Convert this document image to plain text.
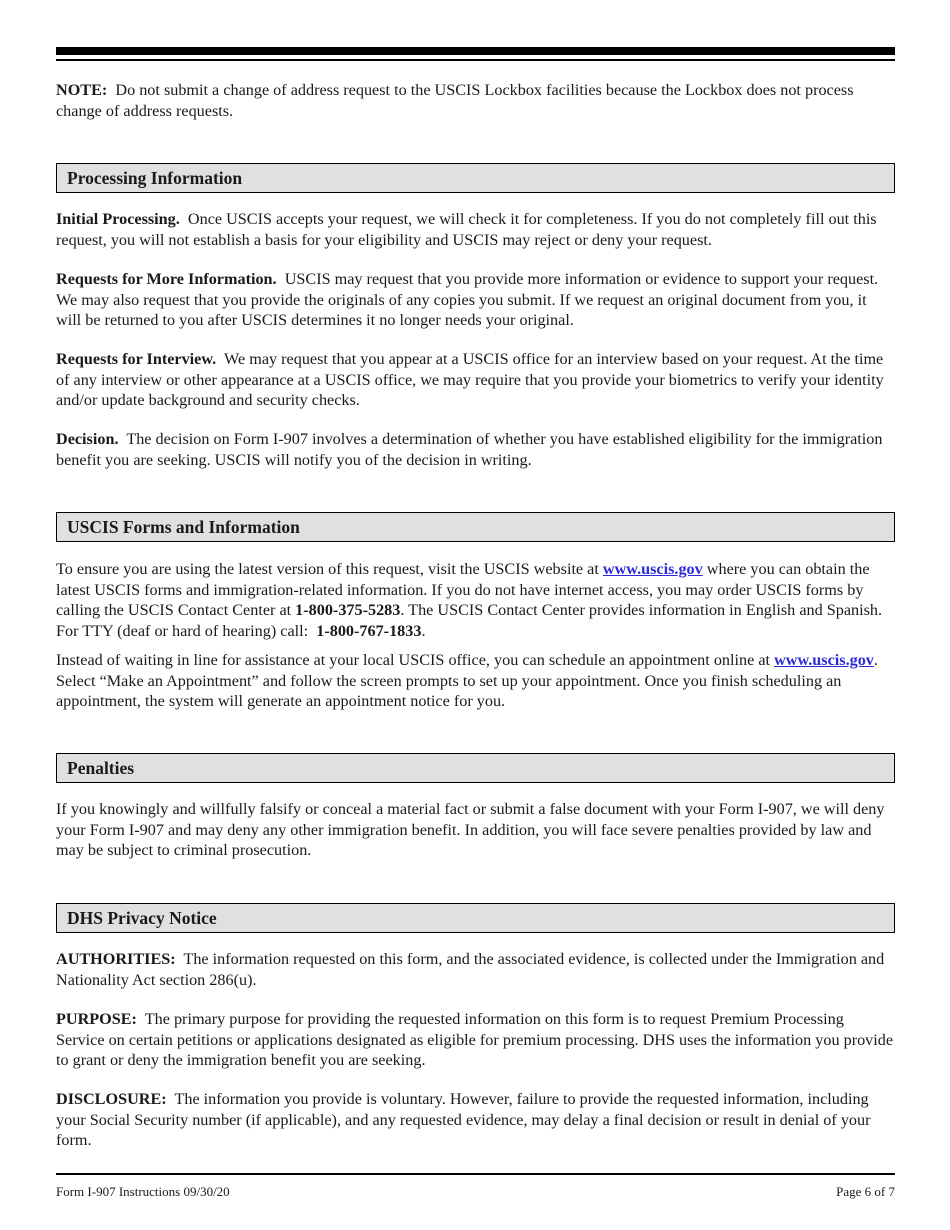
NOTE: Do not submit a change of address request to the USCIS Lockbox facilities because the Lockbox does not process change of address requests.

Processing Information

Initial Processing. Once USCIS accepts your request, we will check it for completeness. If you do not completely fill out this request, you will not establish a basis for your eligibility and USCIS may reject or deny your request.

Requests for More Information. USCIS may request that you provide more information or evidence to support your request. We may also request that you provide the originals of any copies you submit. If we request an original document from you, it will be returned to you after USCIS determines it no longer needs your original.

Requests for Interview. We may request that you appear at a USCIS office for an interview based on your request. At the time of any interview or other appearance at a USCIS office, we may require that you provide your biometrics to verify your identity and/or update background and security checks.

Decision. The decision on Form I-907 involves a determination of whether you have established eligibility for the immigration benefit you are seeking. USCIS will notify you of the decision in writing.

USCIS Forms and Information

To ensure you are using the latest version of this request, visit the USCIS website at www.uscis.gov where you can obtain the latest USCIS forms and immigration-related information. If you do not have internet access, you may order USCIS forms by calling the USCIS Contact Center at 1-800-375-5283. The USCIS Contact Center provides information in English and Spanish. For TTY (deaf or hard of hearing) call: 1-800-767-1833.

Instead of waiting in line for assistance at your local USCIS office, you can schedule an appointment online at www.uscis.gov. Select “Make an Appointment” and follow the screen prompts to set up your appointment. Once you finish scheduling an appointment, the system will generate an appointment notice for you.

Penalties

If you knowingly and willfully falsify or conceal a material fact or submit a false document with your Form I-907, we will deny your Form I-907 and may deny any other immigration benefit. In addition, you will face severe penalties provided by law and may be subject to criminal prosecution.

DHS Privacy Notice

AUTHORITIES: The information requested on this form, and the associated evidence, is collected under the Immigration and Nationality Act section 286(u).

PURPOSE: The primary purpose for providing the requested information on this form is to request Premium Processing Service on certain petitions or applications designated as eligible for premium processing. DHS uses the information you provide to grant or deny the immigration benefit you are seeking.

DISCLOSURE: The information you provide is voluntary. However, failure to provide the requested information, including your Social Security number (if applicable), and any requested evidence, may delay a final decision or result in denial of your form.

Form I-907 Instructions 09/30/20	Page 6 of 7
